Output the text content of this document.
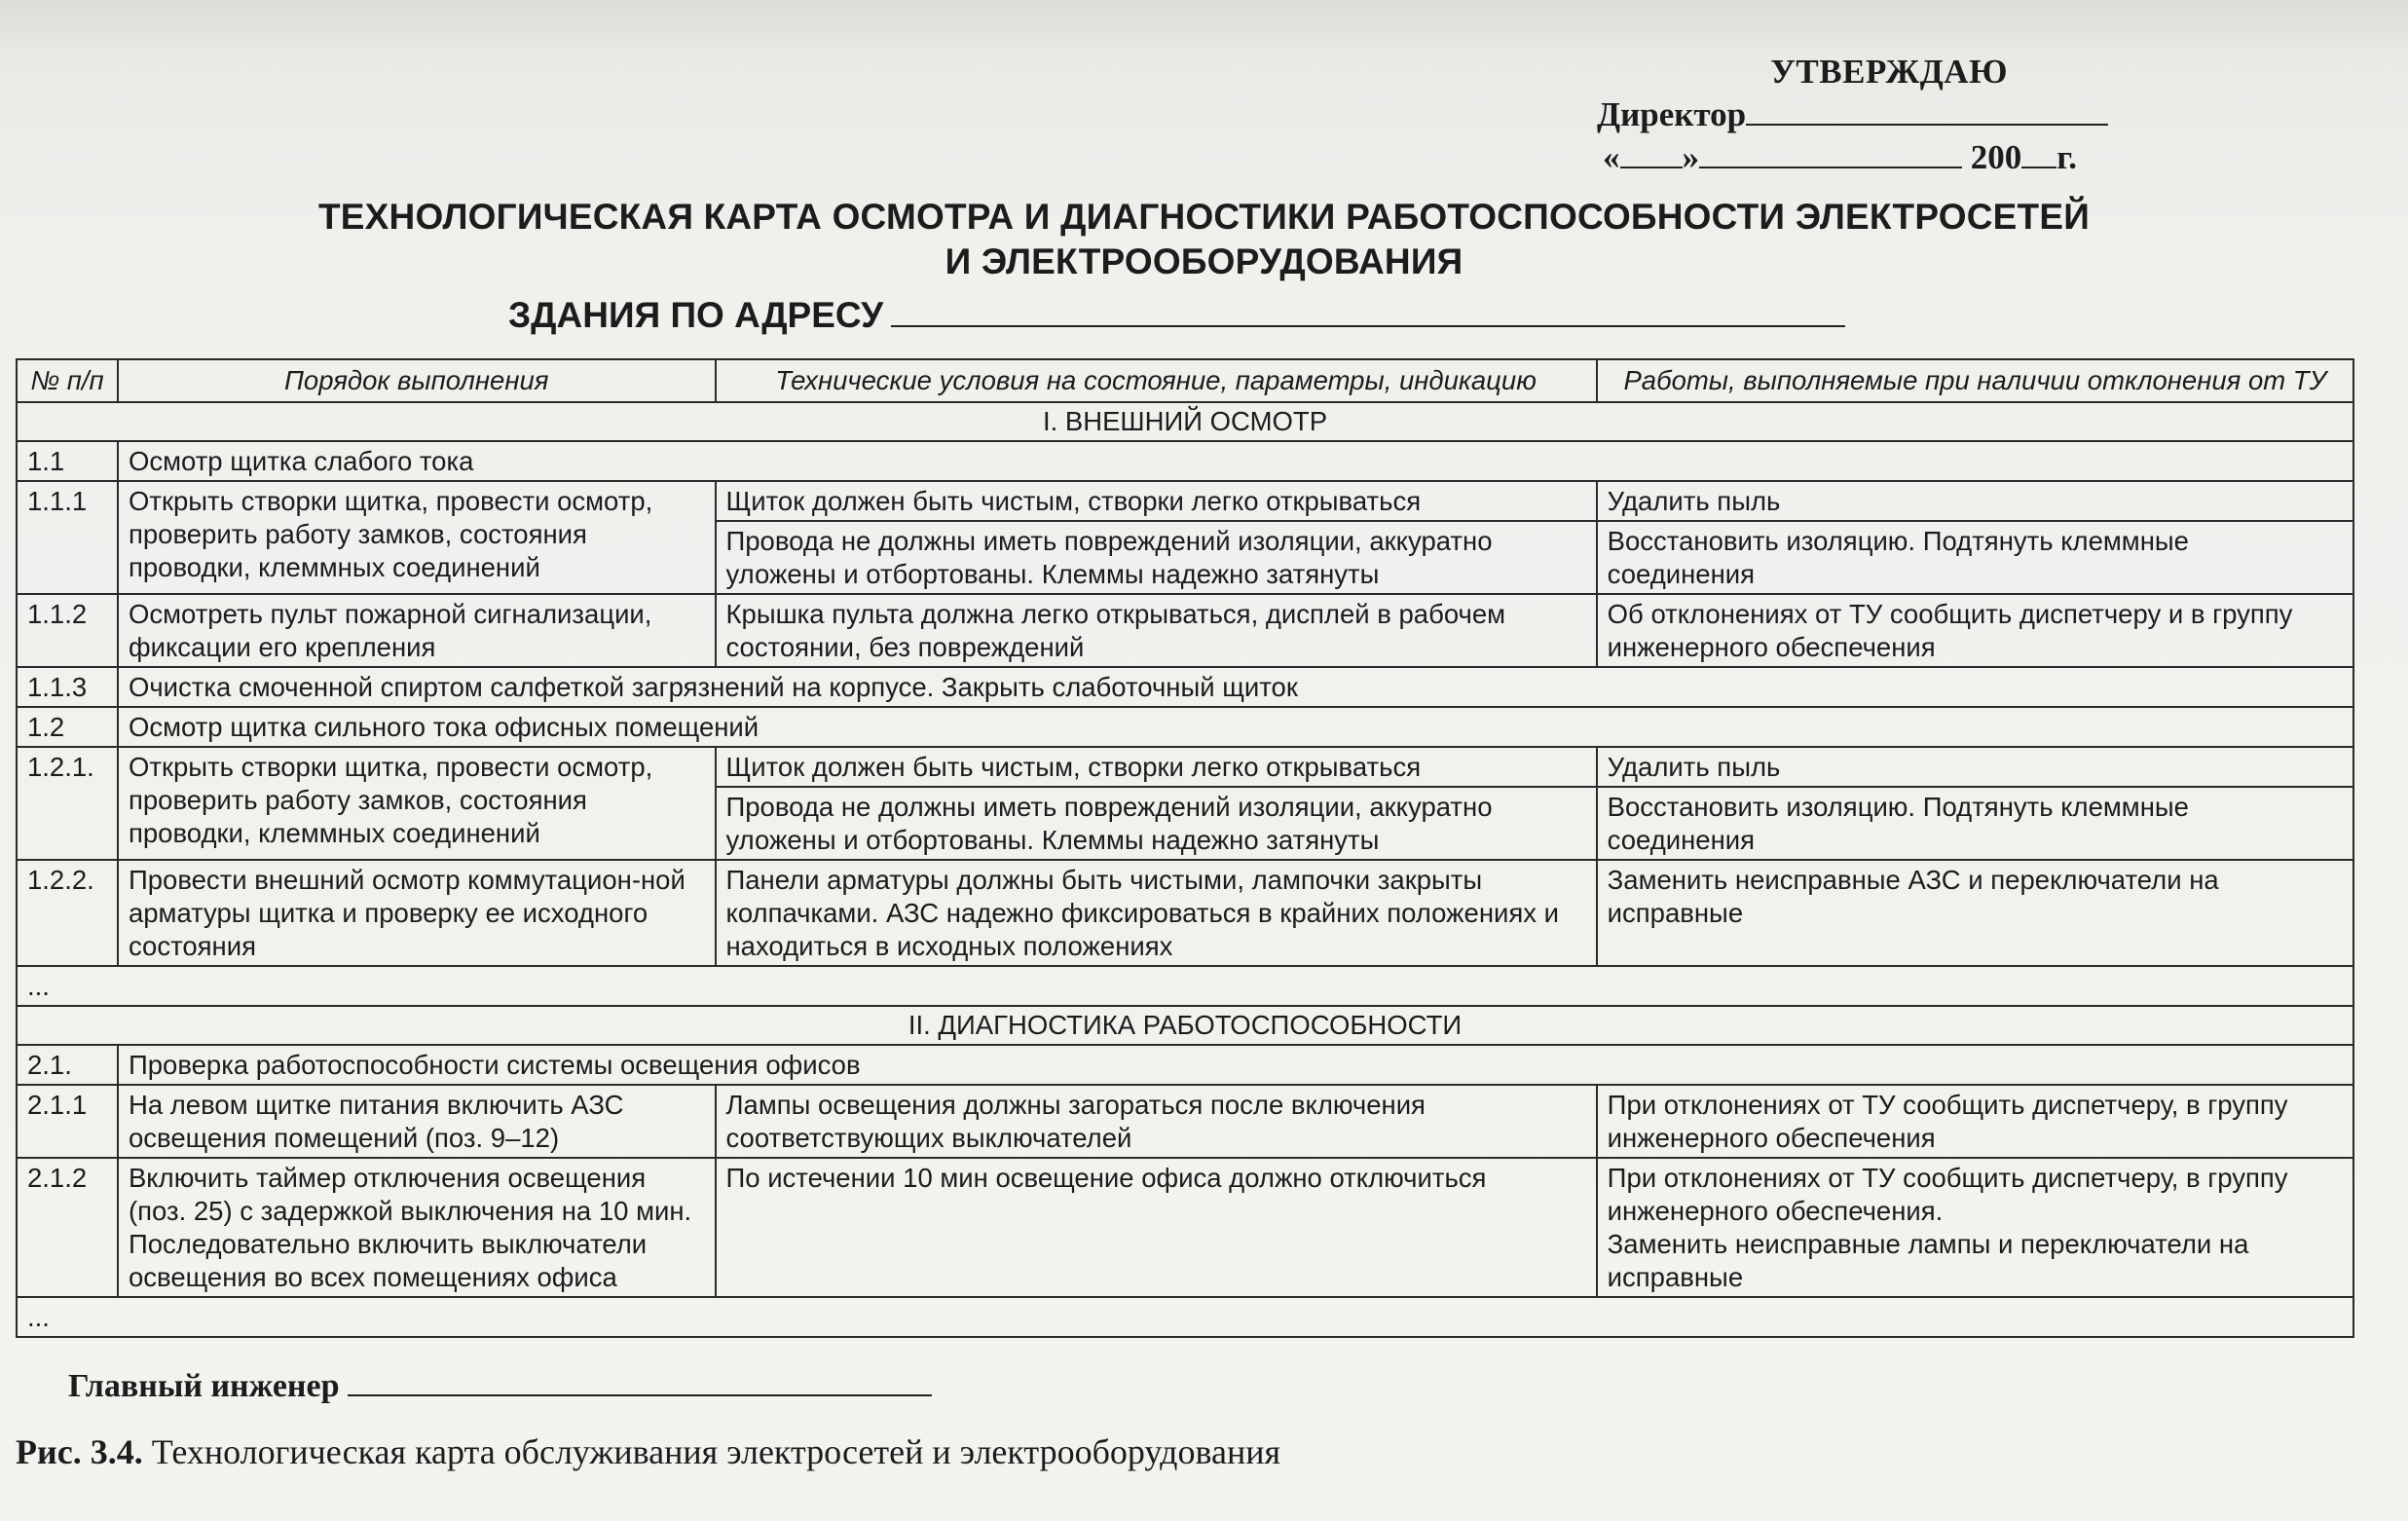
УТВЕРЖДАЮ
Директор
« »	200 г.
ТЕХНОЛОГИЧЕСКАЯ КАРТА ОСМОТРА И ДИАГНОСТИКИ РАБОТОСПОСОБНОСТИ ЭЛЕКТРОСЕТЕЙ
И ЭЛЕКТРООБОРУДОВАНИЯ
ЗДАНИЯ ПО АДРЕСУ
№ п/п	Порядок выполнения	Технические условия на состояние, параметры, индикацию	Работы, выполняемые при наличии отклонения от ТУ
I. ВНЕШНИЙ ОСМОТР			
1.1	Осмотр щитка слабого тока		
1.1.1	Открыть створки щитка, провести осмотр, проверить работу замков, состояния проводки, клеммных соединений	Щиток должен быть чистым, створки легко открываться	Удалить пыль
		Провода не должны иметь повреждений изоляции, аккуратно уложены и отбортованы. Клеммы надежно затянуты	Восстановить изоляцию. Подтянуть клеммные соединения
1.1.2	Осмотреть пульт пожарной сигнализации, фиксации его крепления	Крышка пульта должна легко открываться, дисплей в рабочем состоянии, без повреждений	Об отклонениях от ТУ сообщить диспетчеру и в группу инженерного обеспечения
1.1.3	Очистка смоченной спиртом салфеткой загрязнений на корпусе. Закрыть слаботочный щиток		
1.2	Осмотр щитка сильного тока офисных помещений		
1.2.1.	Открыть створки щитка, провести осмотр, проверить работу замков, состояния проводки, клеммных соединений	Щиток должен быть чистым, створки легко открываться	Удалить пыль
		Провода не должны иметь повреждений изоляции, аккуратно уложены и отбортованы. Клеммы надежно затянуты	Восстановить изоляцию. Подтянуть клеммные соединения
1.2.2.	Провести внешний осмотр коммутацион-ной арматуры щитка и проверку ее исходного состояния	Панели арматуры должны быть чистыми, лампочки закрыты колпачками. АЗС надежно фиксироваться в крайних положениях и находиться в исходных положениях	Заменить неисправные АЗС и переключатели на исправные
...			
II. ДИАГНОСТИКА РАБОТОСПОСОБНОСТИ			
2.1.	Проверка работоспособности системы освещения офисов		
2.1.1	На левом щитке питания включить АЗС освещения помещений (поз. 9–12)	Лампы освещения должны загораться после включения соответствующих выключателей	При отклонениях от ТУ сообщить диспетчеру, в группу инженерного обеспечения
2.1.2	Включить таймер отключения освещения (поз. 25) с задержкой выключения на 10 мин. Последовательно включить выключатели освещения во всех помещениях офиса	По истечении 10 мин освещение офиса должно отключиться	При отклонениях от ТУ сообщить диспетчеру, в группу инженерного обеспечения.
Заменить неисправные лампы и переключатели на исправные

...			
Главный инженер
Рис. 3.4. Технологическая карта обслуживания электросетей и электрооборудования
